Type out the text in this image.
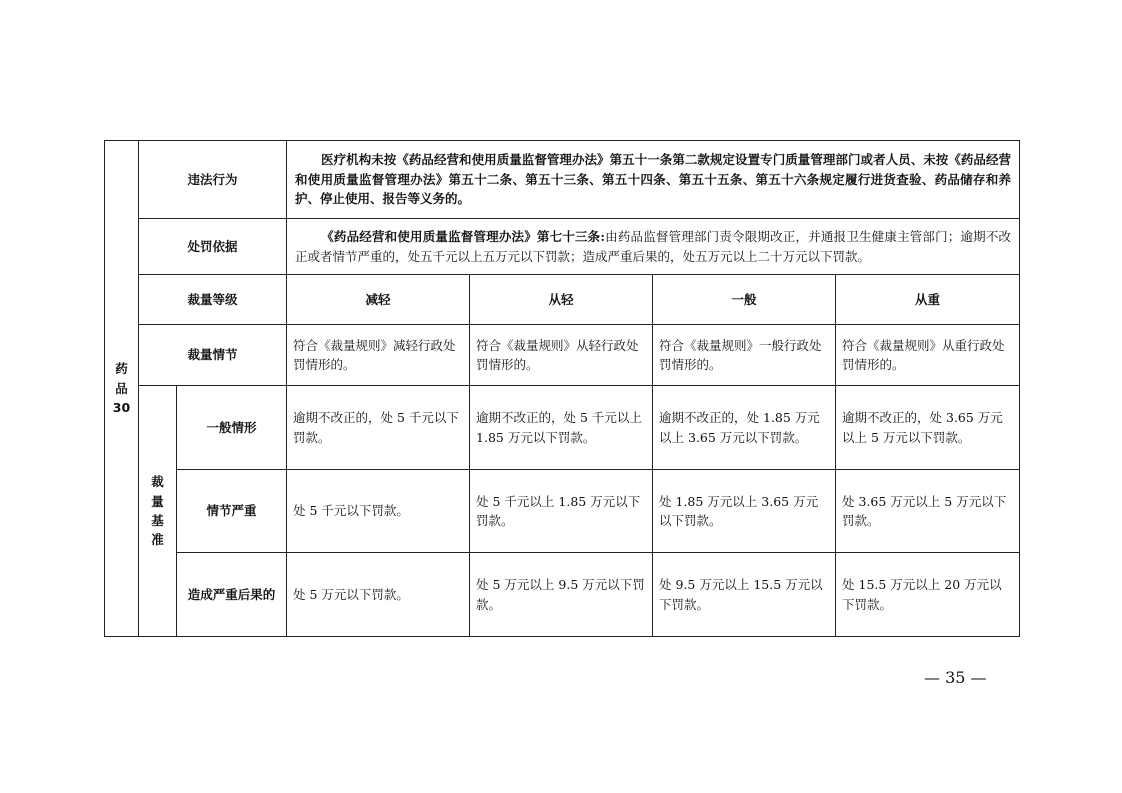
药
品
30	违法行为		医疗机构未按《药品经营和使用质量监督管理办法》第五十一条第二款规定设置专门质量管理部门或者人员、未按《药品经营和使用质量监督管理办法》第五十二条、第五十三条、第五十四条、第五十五条、第五十六条规定履行进货查验、药品储存和养护、停止使用、报告等义务的。			
	处罚依据		《药品经营和使用质量监督管理办法》第七十三条:由药品监督管理部门责令限期改正，并通报卫生健康主管部门；逾期不改正或者情节严重的，处五千元以上五万元以下罚款；造成严重后果的，处五万元以上二十万元以下罚款。			
	裁量等级		减轻	从轻	一般	从重
	裁量情节		符合《裁量规则》减轻行政处罚情形的。	符合《裁量规则》从轻行政处罚情形的。	符合《裁量规则》一般行政处罚情形的。	符合《裁量规则》从重行政处罚情形的。

	裁
量
基
准	一般情形	逾期不改正的，处 5 千元以下罚款。	逾期不改正的，处 5 千元以上 1.85 万元以下罚款。	逾期不改正的，处 1.85 万元以上 3.65 万元以下罚款。	逾期不改正的，处 3.65 万元以上 5 万元以下罚款。
		情节严重	处 5 千元以下罚款。	处 5 千元以上 1.85 万元以下罚款。	处 1.85 万元以上 3.65 万元以下罚款。	处 3.65 万元以上 5 万元以下罚款。
		造成严重后果的	处 5 万元以下罚款。	处 5 万元以上 9.5 万元以下罚款。	处 9.5 万元以上 15.5 万元以下罚款。	处 15.5 万元以上 20 万元以下罚款。
— 35 —
